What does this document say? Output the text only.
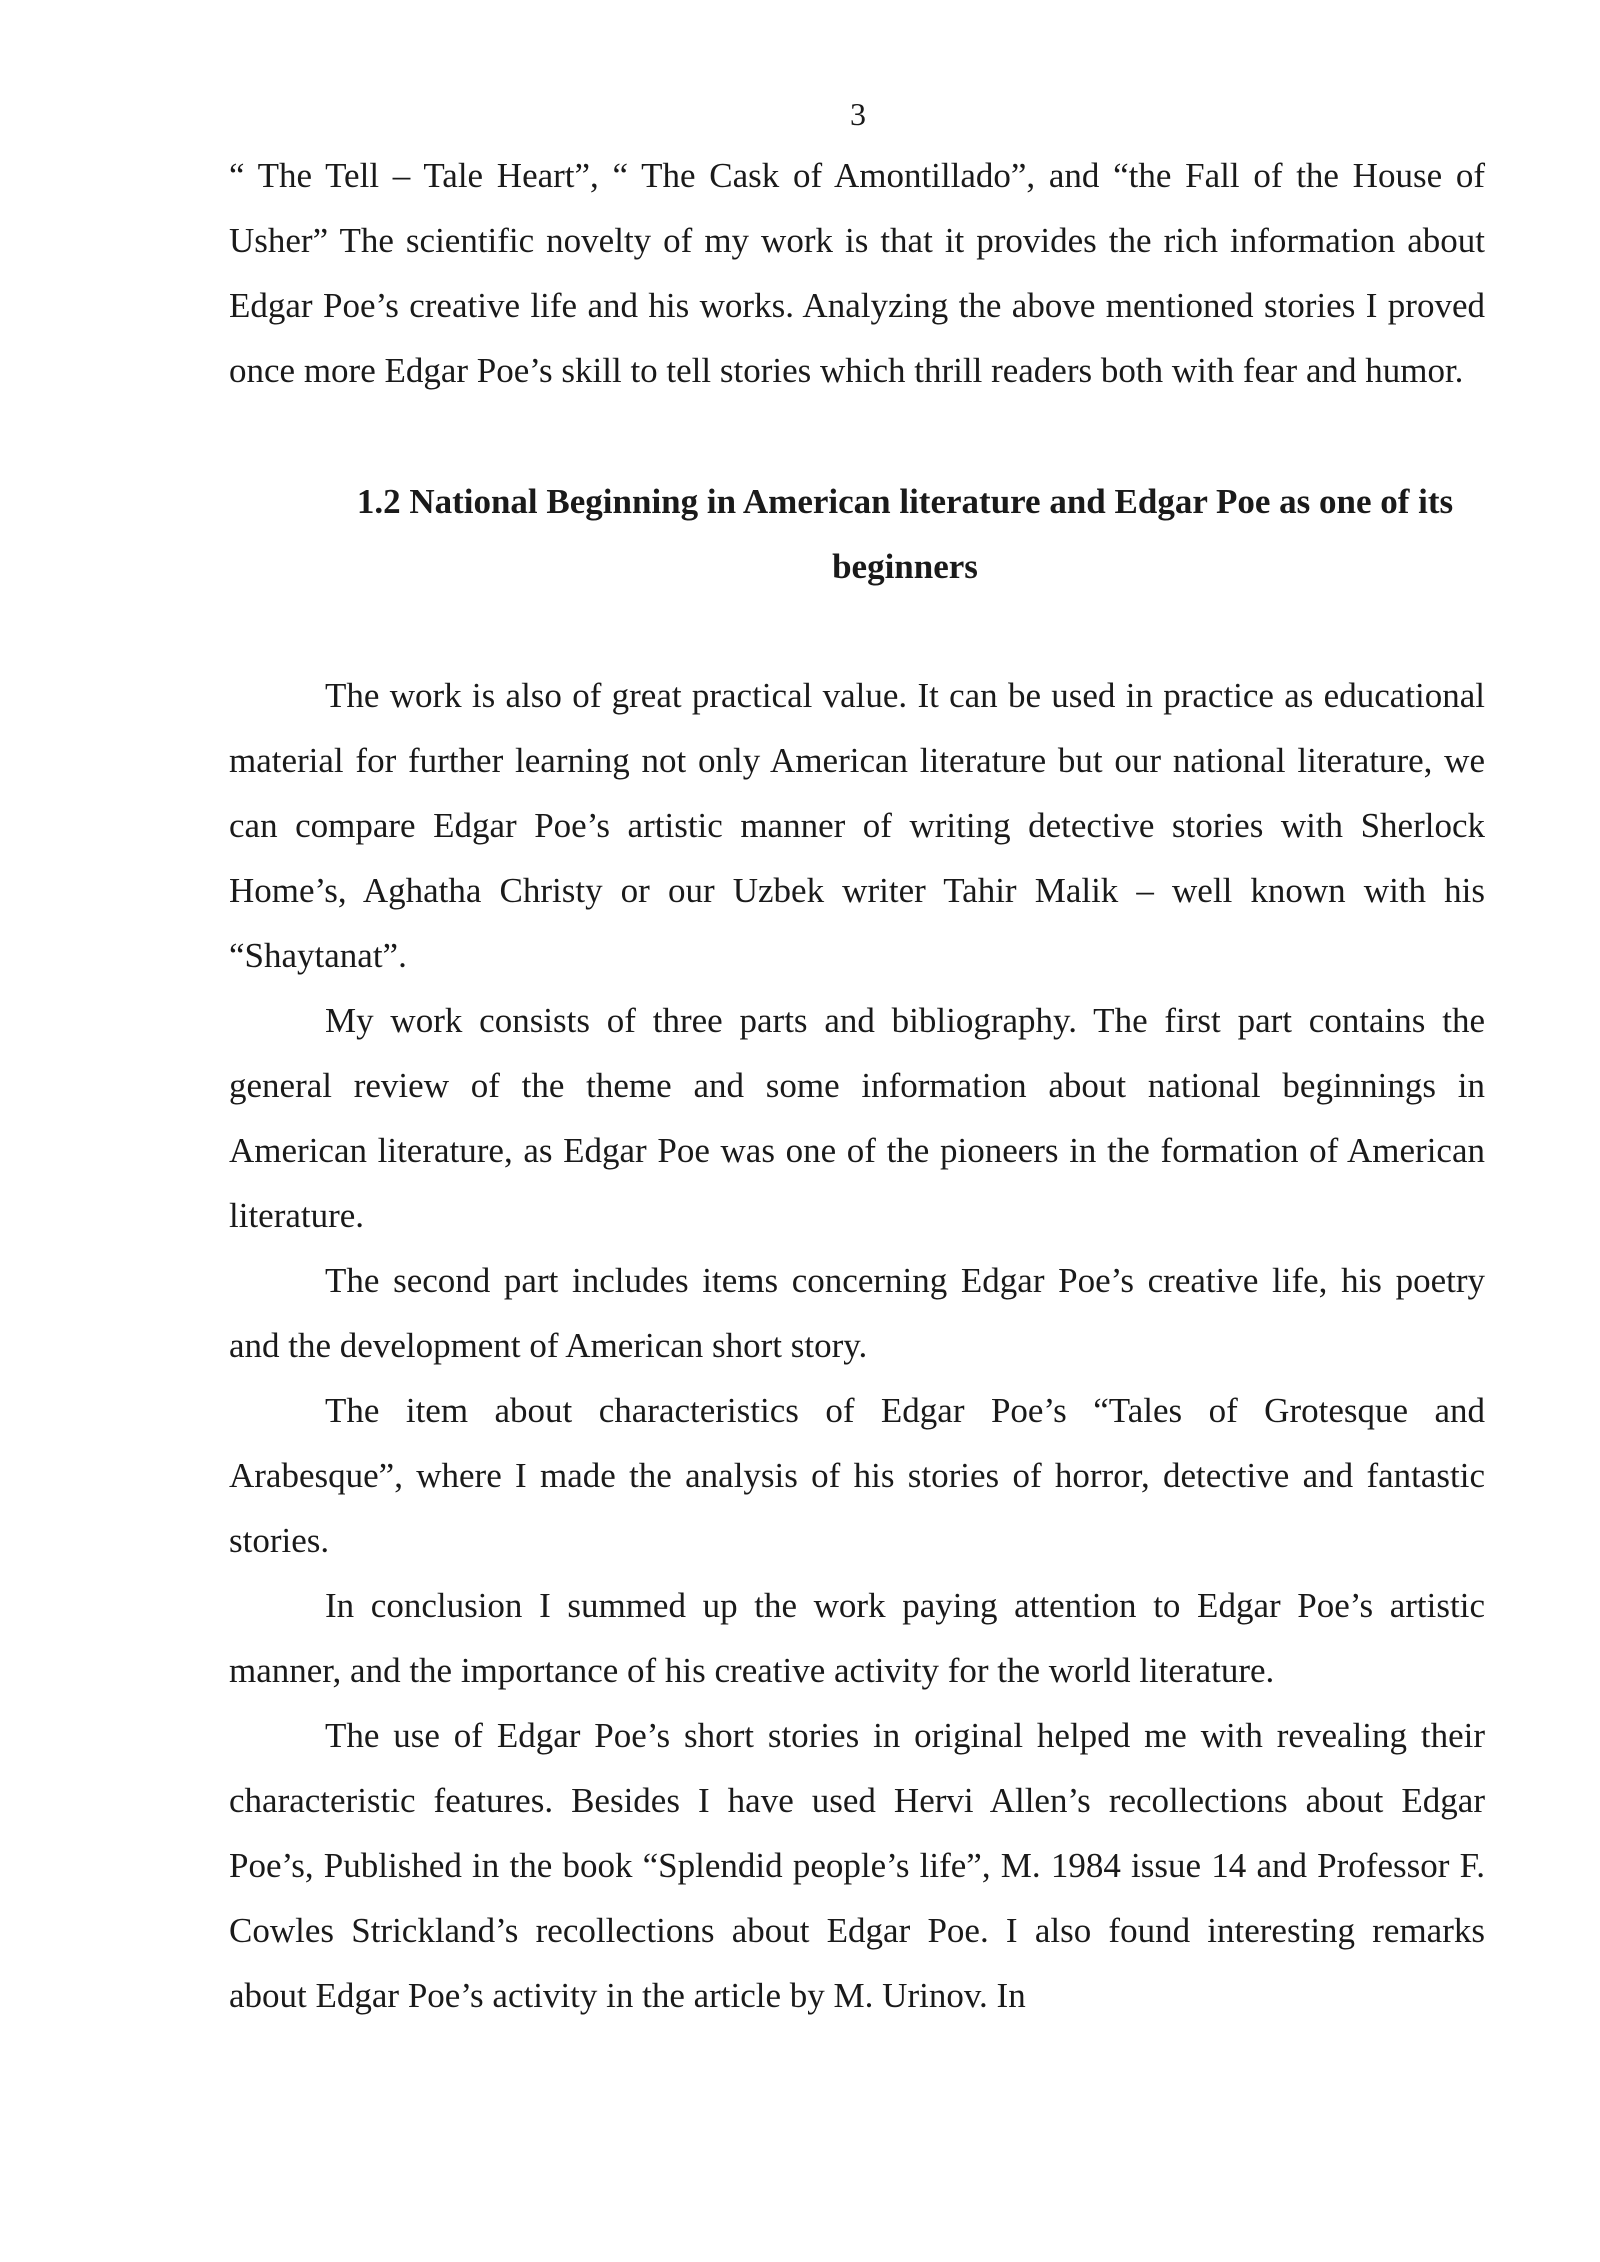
3

“ The Tell – Tale Heart”, “ The Cask of Amontillado”, and “the Fall of the House of Usher” The scientific novelty of my work is that it provides the rich information about Edgar Poe’s creative life and his works. Analyzing the above mentioned stories I proved once more Edgar Poe’s skill to tell stories which thrill readers both with fear and humor.

1.2 National Beginning in American literature and Edgar Poe as one of its beginners

The work is also of great practical value. It can be used in practice as educational material for further learning not only American literature but our national literature, we can compare Edgar Poe’s artistic manner of writing detective stories with Sherlock Home’s, Aghatha Christy or our Uzbek writer Tahir Malik – well known with his “Shaytanat”.

My work consists of three parts and bibliography. The first part contains the general review of the theme and some information about national beginnings in American literature, as Edgar Poe was one of the pioneers in the formation of American literature.

The second part includes items concerning Edgar Poe’s creative life, his poetry and the development of American short story.

The item about characteristics of Edgar Poe’s “Tales of Grotesque and Arabesque”, where I made the analysis of his stories of horror, detective and fantastic stories.

In conclusion I summed up the work paying attention to Edgar Poe’s artistic manner, and the importance of his creative activity for the world literature.

The use of Edgar Poe’s short stories in original helped me with revealing their characteristic features. Besides I have used Hervi Allen’s recollections about Edgar Poe’s, Published in the book “Splendid people’s life”, M. 1984 issue 14 and Professor F. Cowles Strickland’s recollections about Edgar Poe. I also found interesting remarks about Edgar Poe’s activity in the article by M. Urinov. In
